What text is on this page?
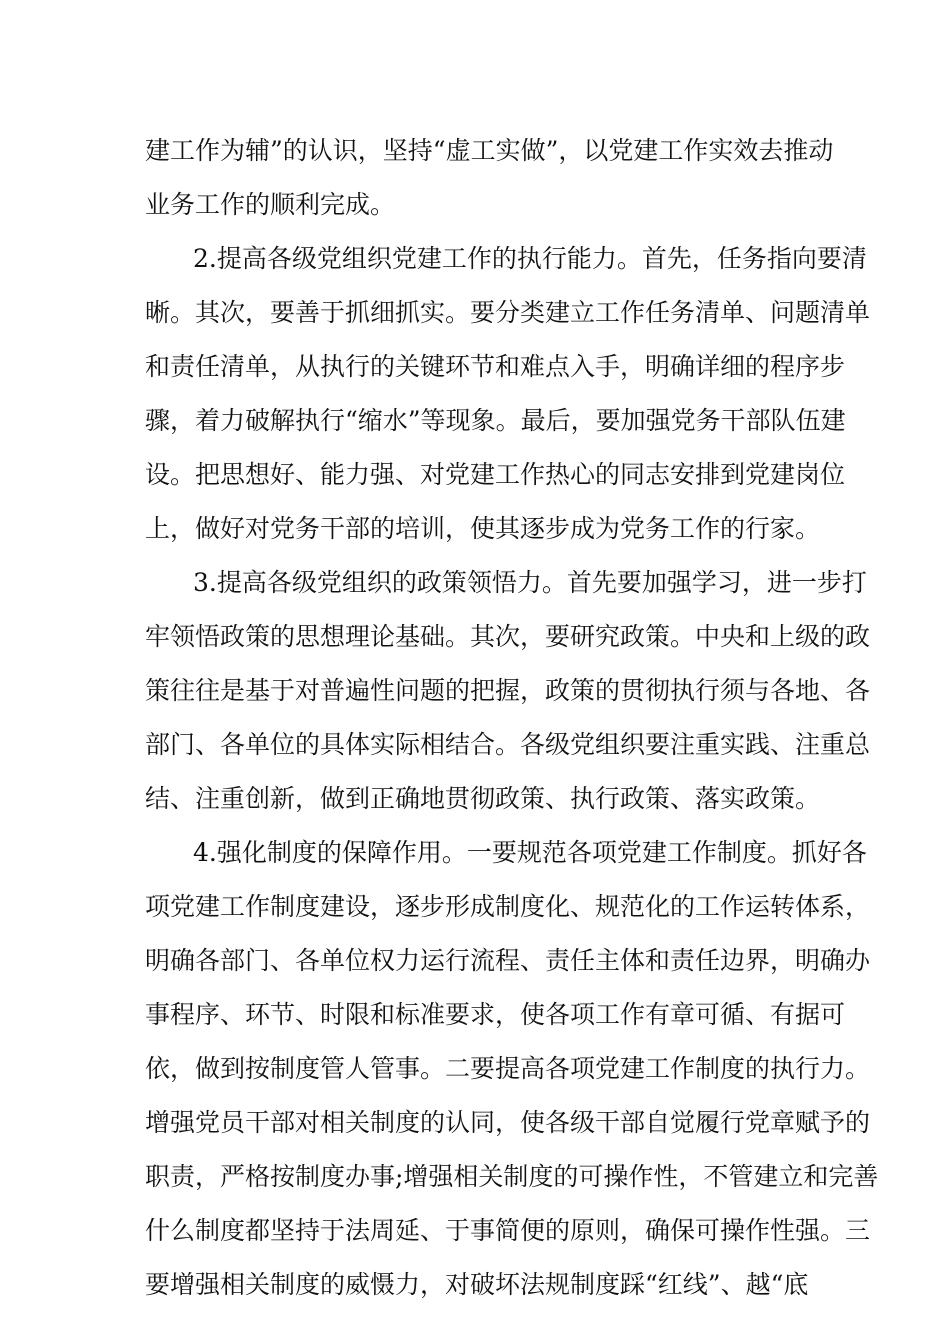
建工作为辅”的认识，坚持“虚工实做”，以党建工作实效去推动
业务工作的顺利完成。
2.提高各级党组织党建工作的执行能力。首先，任务指向要清
晰。其次，要善于抓细抓实。要分类建立工作任务清单、问题清单
和责任清单，从执行的关键环节和难点入手，明确详细的程序步
骤，着力破解执行“缩水”等现象。最后，要加强党务干部队伍建
设。把思想好、能力强、对党建工作热心的同志安排到党建岗位
上，做好对党务干部的培训，使其逐步成为党务工作的行家。
3.提高各级党组织的政策领悟力。首先要加强学习，进一步打
牢领悟政策的思想理论基础。其次，要研究政策。中央和上级的政
策往往是基于对普遍性问题的把握，政策的贯彻执行须与各地、各
部门、各单位的具体实际相结合。各级党组织要注重实践、注重总
结、注重创新，做到正确地贯彻政策、执行政策、落实政策。
4.强化制度的保障作用。一要规范各项党建工作制度。抓好各
项党建工作制度建设，逐步形成制度化、规范化的工作运转体系，
明确各部门、各单位权力运行流程、责任主体和责任边界，明确办
事程序、环节、时限和标准要求，使各项工作有章可循、有据可
依，做到按制度管人管事。二要提高各项党建工作制度的执行力。
增强党员干部对相关制度的认同，使各级干部自觉履行党章赋予的
职责，严格按制度办事;增强相关制度的可操作性，不管建立和完善
什么制度都坚持于法周延、于事简便的原则，确保可操作性强。三
要增强相关制度的威慑力，对破坏法规制度踩“红线”、越“底
